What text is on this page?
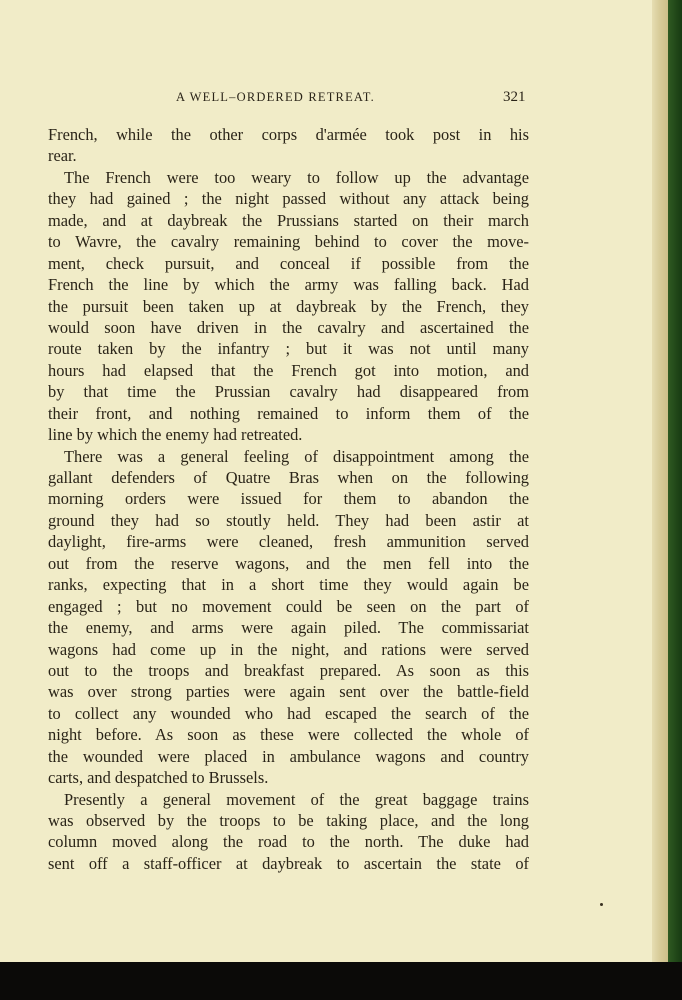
A WELL–ORDERED RETREAT.	321
French, while the other corps d'armée took post in his
rear.
The French were too weary to follow up the advantage
they had gained ; the night passed without any attack being
made, and at daybreak the Prussians started on their march
to Wavre, the cavalry remaining behind to cover the move-
ment, check pursuit, and conceal if possible from the
French the line by which the army was falling back. Had
the pursuit been taken up at daybreak by the French, they
would soon have driven in the cavalry and ascertained the
route taken by the infantry ; but it was not until many
hours had elapsed that the French got into motion, and
by that time the Prussian cavalry had disappeared from
their front, and nothing remained to inform them of the
line by which the enemy had retreated.
There was a general feeling of disappointment among the
gallant defenders of Quatre Bras when on the following
morning orders were issued for them to abandon the
ground they had so stoutly held. They had been astir at
daylight, fire-arms were cleaned, fresh ammunition served
out from the reserve wagons, and the men fell into the
ranks, expecting that in a short time they would again be
engaged ; but no movement could be seen on the part of
the enemy, and arms were again piled. The commissariat
wagons had come up in the night, and rations were served
out to the troops and breakfast prepared. As soon as this
was over strong parties were again sent over the battle-field
to collect any wounded who had escaped the search of the
night before. As soon as these were collected the whole of
the wounded were placed in ambulance wagons and country
carts, and despatched to Brussels.
Presently a general movement of the great baggage trains
was observed by the troops to be taking place, and the long
column moved along the road to the north. The duke had
sent off a staff-officer at daybreak to ascertain the state of
